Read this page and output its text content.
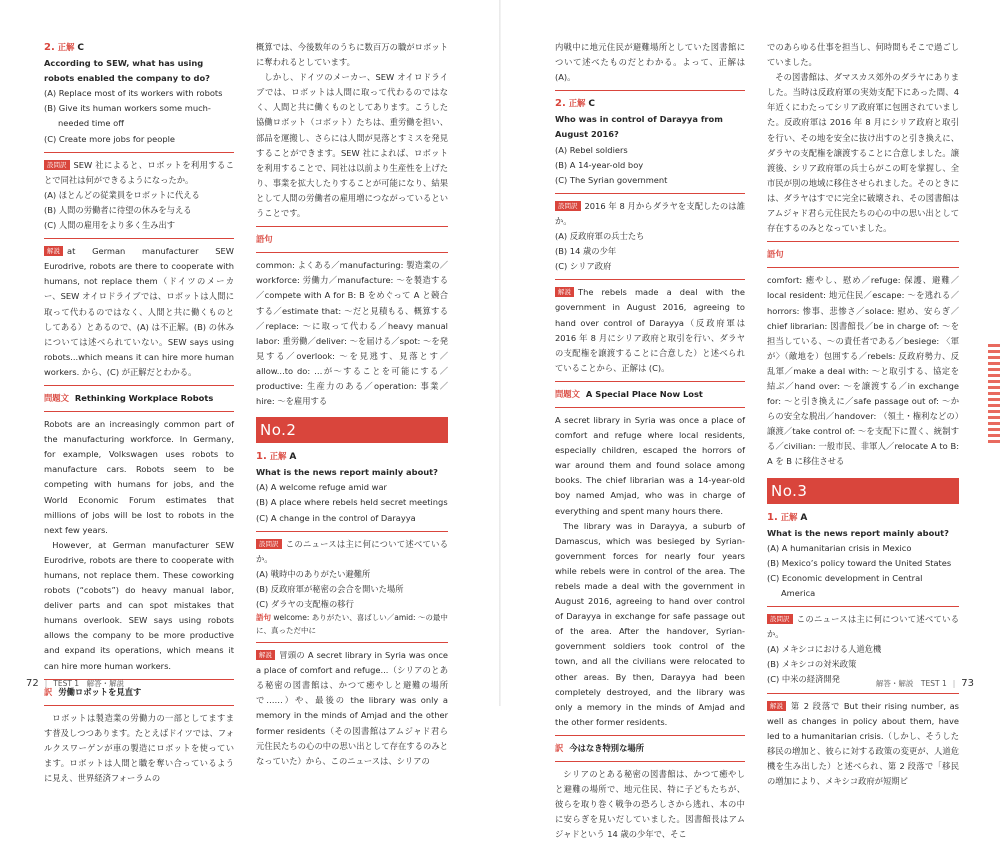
2. 正解 C
According to SEW, what has using robots enabled the company to do?
(A) Replace most of its workers with robots
(B) Give its human workers some much-needed time off
(C) Create more jobs for people
設問訳 SEW 社によると、ロボットを利用することで同社は何ができるようになったか。
(A) ほとんどの従業員をロボットに代える
(B) 人間の労働者に待望の休みを与える
(C) 人間の雇用をより多く生み出す
解説 at German manufacturer SEW Eurodrive, robots are there to cooperate with humans, not replace them（ドイツのメーカー、SEW オイロドライブでは、ロボットは人間に取って代わるのではなく、人間と共に働くものとしてある）とあるので、(A) は不正解。(B) の休みについては述べられていない。SEW says using robots...which means it can hire more human workers. から、(C) が正解だとわかる。
問題文 Rethinking Workplace Robots
Robots are an increasingly common part of the manufacturing workforce. In Germany, for example, Volkswagen uses robots to manufacture cars. Robots seem to be competing with humans for jobs, and the World Economic Forum estimates that millions of jobs will be lost to robots in the next few years.
However, at German manufacturer SEW Eurodrive, robots are there to cooperate with humans, not replace them. These coworking robots (“cobots”) do heavy manual labor, deliver parts and can spot mistakes that humans overlook. SEW says using robots allows the company to be more productive and expand its operations, which means it can hire more human workers.
訳 労働ロボットを見直す
ロボットは製造業の労働力の一部としてますます普及しつつあります。たとえばドイツでは、フォルクスワーゲンが車の製造にロボットを使っています。ロボットは人間と職を奪い合っているように見え、世界経済フォーラムの
概算では、今後数年のうちに数百万の職がロボットに奪われるとしています。
しかし、ドイツのメーカー、SEW オイロドライブでは、ロボットは人間に取って代わるのではなく、人間と共に働くものとしてあります。こうした協働ロボット（コボット）たちは、重労働を担い、部品を運搬し、さらには人間が見落とすミスを発見することができます。SEW 社によれば、ロボットを利用することで、同社は以前より生産性を上げたり、事業を拡大したりすることが可能になり、結果として人間の労働者の雇用増につながっているということです。
語句
common: よくある／manufacturing: 製造業の／workforce: 労働力／manufacture: ～を製造する／compete with A for B: B をめぐって A と競合する／estimate that: ～だと見積もる、概算する／replace: ～に取って代わる／heavy manual labor: 重労働／deliver: ～を届ける／spot: ～を発見する／overlook: ～を見逃す、見落とす／allow...to do: …が～することを可能にする／productive: 生産力のある／operation: 事業／hire: ～を雇用する
No.2
1. 正解 A
What is the news report mainly about?
(A) A welcome refuge amid war
(B) A place where rebels held secret meetings
(C) A change in the control of Darayya
設問訳 このニュースは主に何について述べているか。
(A) 戦時中のありがたい避難所
(B) 反政府軍が秘密の会合を開いた場所
(C) ダラヤの支配権の移行
語句 welcome: ありがたい、喜ばしい／amid: ～の最中に、真っただ中に
解説 冒頭の A secret library in Syria was once a place of comfort and refuge...（シリアのとある秘密の図書館は、かつて癒やしと避難の場所で……）や、最後の the library was only a memory in the minds of Amjad and the other former residents（その図書館はアムジャド君ら元住民たちの心の中の思い出として存在するのみとなっていた）から、このニュースは、シリアの
内戦中に地元住民が避難場所としていた図書館について述べたものだとわかる。よって、正解は (A)。
2. 正解 C
Who was in control of Darayya from August 2016?
(A) Rebel soldiers
(B) A 14-year-old boy
(C) The Syrian government
設問訳 2016 年 8 月からダラヤを支配したのは誰か。
(A) 反政府軍の兵士たち
(B) 14 歳の少年
(C) シリア政府
解説 The rebels made a deal with the government in August 2016, agreeing to hand over control of Darayya（反政府軍は 2016 年 8 月にシリア政府と取引を行い、ダラヤの支配権を譲渡することに合意した）と述べられていることから、正解は (C)。
問題文 A Special Place Now Lost
A secret library in Syria was once a place of comfort and refuge where local residents, especially children, escaped the horrors of war around them and found solace among books. The chief librarian was a 14-year-old boy named Amjad, who was in charge of everything and spent many hours there.
The library was in Darayya, a suburb of Damascus, which was besieged by Syrian-government forces for nearly four years while rebels were in control of the area. The rebels made a deal with the government in August 2016, agreeing to hand over control of Darayya in exchange for safe passage out of the area. After the handover, Syrian-government soldiers took control of the town, and all the civilians were relocated to other areas. By then, Darayya had been completely destroyed, and the library was only a memory in the minds of Amjad and the other former residents.
訳 今はなき特別な場所
シリアのとある秘密の図書館は、かつて癒やしと避難の場所で、地元住民、特に子どもたちが、彼らを取り巻く戦争の恐ろしさから逃れ、本の中に安らぎを見いだしていました。図書館長はアムジャドという 14 歳の少年で、そこ
でのあらゆる仕事を担当し、何時間もそこで過ごしていました。
その図書館は、ダマスカス郊外のダラヤにありました。当時は反政府軍の実効支配下にあった間、4 年近くにわたってシリア政府軍に包囲されていました。反政府軍は 2016 年 8 月にシリア政府と取引を行い、その地を安全に抜け出すのと引き換えに、ダラヤの支配権を譲渡することに合意しました。譲渡後、シリア政府軍の兵士らがこの町を掌握し、全市民が別の地域に移住させられました。そのときには、ダラヤはすでに完全に破壊され、その図書館はアムジャド君ら元住民たちの心の中の思い出として存在するのみとなっていました。
語句
comfort: 癒やし、慰め／refuge: 保護、避難／local resident: 地元住民／escape: ～を逃れる／horrors: 惨事、悲惨さ／solace: 慰め、安らぎ／chief librarian: 図書館長／be in charge of: ～を担当している、～の責任者である／besiege: 〈軍が〉（敵地を）包囲する／rebels: 反政府勢力、反乱軍／make a deal with: ～と取引する、協定を結ぶ／hand over: ～を譲渡する／in exchange for: ～と引き換えに／safe passage out of: ～からの安全な脱出／handover: （領土・権利などの）譲渡／take control of: ～を支配下に置く、統制する／civilian: 一般市民、非軍人／relocate A to B: A を B に移住させる
No.3
1. 正解 A
What is the news report mainly about?
(A) A humanitarian crisis in Mexico
(B) Mexico’s policy toward the United States
(C) Economic development in Central America
設問訳 このニュースは主に何について述べているか。
(A) メキシコにおける人道危機
(B) メキシコの対米政策
(C) 中米の経済開発
解説 第 2 段落で But their rising number, as well as changes in policy about them, have led to a humanitarian crisis.（しかし、そうした移民の増加と、彼らに対する政策の変更が、人道危機を生み出した）と述べられ、第 2 段落で「移民の増加により、メキシコ政府が短期ビ
72 | TEST 1　解答・解説	解答・解説　TEST 1 | 73
